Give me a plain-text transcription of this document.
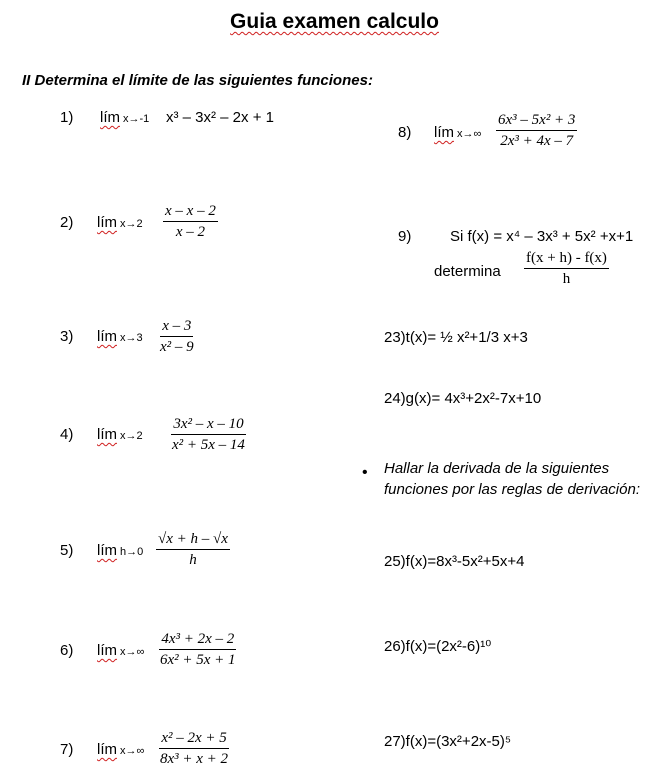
Guia examen calculo
II Determina el límite de las siguientes funciones:
1) lím x→-1 x³ – 3x² – 2x + 1
2) lím $x\to 2 \frac{x - x - 2}{x - 2}$
3) lím $x\to 3 \frac{x - 3}{\text{x² – 9}}$
4) lím $x\to 2 \frac{\text{3x² – x – 10}}{\text{x² + 5x – 14}}$
5) lím $h\to 0 \frac{√x + h - √x}{h}$
6) lím $x\to\infty \frac{\text{4x³ + 2x – 2}}{\text{6x² + 5x + 1}}$
7) lím $x\to\infty \frac{\text{x² – 2x + 5}}{\text{8x³ + x + 2}}$
8) lím $x\to\infty \frac{\text{6x³ – 5x² + 3}}{\text{2x³ + 4x – 7}}$
9)	Si f(x) = x⁴ – 3x³ + 5x² +x+1
determina $\frac{f(x + h) - f(x)}{h}$
23)t(x)= ½ x²+1/3 x+3
24)g(x)= 4x³+2x²-7x+10
• Hallar la derivada de la siguientes funciones por las reglas de derivación:
25)f(x)=8x³-5x²+5x+4
26)f(x)=(2x²-6)¹⁰
27)f(x)=(3x²+2x-5)⁵
